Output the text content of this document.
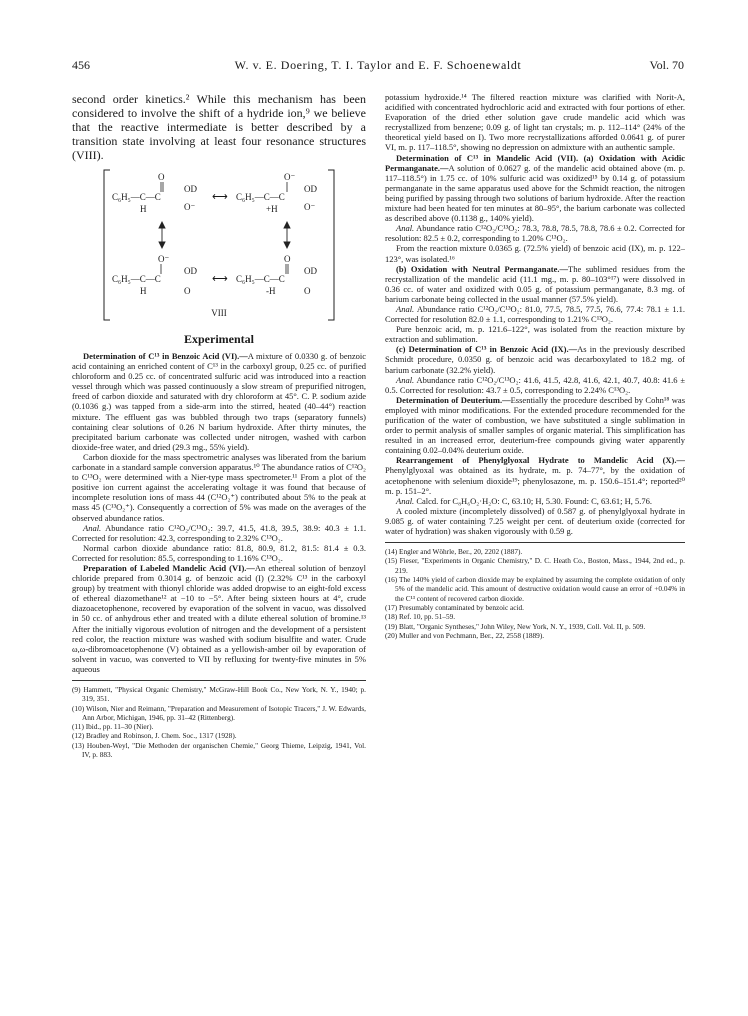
456	W. v. E. Doering, T. I. Taylor and E. F. Schoenewaldt	Vol. 70

second order kinetics.² While this mechanism has been considered to involve the shift of a hydride ion,⁹ we believe that the reactive intermediate is better described by a transition state involving at least four resonance structures (VIII).

O
C₆H₅—C—C
OD
H	O⁻
⟷
O⁻
C₆H₅—C—C
OD
+H	O⁻
O⁻
C₆H₅—C—C
OD
H	O
⟷
O
C₆H₅—C—C
OD
-H	O
VIII
Experimental

Determination of C¹³ in Benzoic Acid (VI).—A mixture of 0.0330 g. of benzoic acid containing an enriched content of C¹³ in the carboxyl group, 0.25 cc. of purified chloroform and 0.25 cc. of concentrated sulfuric acid was introduced into a reaction vessel through which was passed continuously a slow stream of prepurified nitrogen, freed of carbon dioxide and saturated with dry chloroform at 45°. C. P. sodium azide (0.1036 g.) was tapped from a side-arm into the stirred, heated (40–44°) reaction mixture. The effluent gas was bubbled through two traps (separatory funnels) containing clear solutions of 0.26 N barium hydroxide. After thirty minutes, the precipitated barium carbonate was collected under nitrogen, washed with carbon dioxide-free water, and dried (29.3 mg., 55% yield).

Carbon dioxide for the mass spectrometric analyses was liberated from the barium carbonate in a standard sample conversion apparatus.¹⁰ The abundance ratios of C¹²O₂ to C¹³O₂ were determined with a Nier-type mass spectrometer.¹¹ From a plot of the positive ion current against the accelerating voltage it was found that because of incomplete resolution ions of mass 44 (C¹²O₂⁺) contributed about 5% to the peak at mass 45 (C¹³O₂⁺). Consequently a correction of 5% was made on the averages of the observed abundance ratios.

Anal. Abundance ratio C¹²O₂/C¹³O₂: 39.7, 41.5, 41.8, 39.5, 38.9: 40.3 ± 1.1. Corrected for resolution: 42.3, corresponding to 2.32% C¹³O₂.

Normal carbon dioxide abundance ratio: 81.8, 80.9, 81.2, 81.5: 81.4 ± 0.3. Corrected for resolution: 85.5, corresponding to 1.16% C¹³O₂.

Preparation of Labeled Mandelic Acid (VI).—An ethereal solution of benzoyl chloride prepared from 0.3014 g. of benzoic acid (I) (2.32% C¹³ in the carboxyl group) by treatment with thionyl chloride was added dropwise to an eight-fold excess of ethereal diazomethane¹² at −10 to −5°. After being sixteen hours at 4°, crude diazoacetophenone, recovered by evaporation of the solvent in vacuo, was dissolved in 50 cc. of anhydrous ether and treated with a dilute ethereal solution of bromine.¹³ After the initially vigorous evolution of nitrogen and the development of a persistent red color, the reaction mixture was washed with sodium bisulfite and water. Crude ω,ω-dibromoacetophenone (V) obtained as a yellowish-amber oil by evaporation of solvent in vacuo, was converted to VII by refluxing for twenty-five minutes in 5% aqueous

(9) Hammett, "Physical Organic Chemistry," McGraw-Hill Book Co., New York, N. Y., 1940; p. 319, 351.

(10) Wilson, Nier and Reimann, "Preparation and Measurement of Isotopic Tracers," J. W. Edwards, Ann Arbor, Michigan, 1946, pp. 31–42 (Rittenberg).

(11) Ibid., pp. 11–30 (Nier).

(12) Bradley and Robinson, J. Chem. Soc., 1317 (1928).

(13) Houben-Weyl, "Die Methoden der organischen Chemie," Georg Thieme, Leipzig, 1941, Vol. IV, p. 883.

potassium hydroxide.¹⁴ The filtered reaction mixture was clarified with Norit-A, acidified with concentrated hydrochloric acid and extracted with four portions of ether. Evaporation of the dried ether solution gave crude mandelic acid which was recrystallized from benzene; 0.09 g. of light tan crystals; m. p. 112–114° (24% of the theoretical yield based on I). Two more recrystallizations afforded 0.0641 g. of purer VI, m. p. 117–118.5°, showing no depression on admixture with an authentic sample.

Determination of C¹³ in Mandelic Acid (VII). (a) Oxidation with Acidic Permanganate.—A solution of 0.0627 g. of the mandelic acid obtained above (m. p. 117–118.5°) in 1.75 cc. of 10% sulfuric acid was oxidized¹⁵ by 0.14 g. of potassium permanganate in the same apparatus used above for the Schmidt reaction, the nitrogen being purified by passing through two solutions of barium hydroxide. After the reaction mixture had been heated for ten minutes at 80–95°, the barium carbonate was collected as described above (0.1138 g., 140% yield).

Anal. Abundance ratio C¹²O₂/C¹³O₂: 78.3, 78.8, 78.5, 78.8, 78.6 ± 0.2. Corrected for resolution: 82.5 ± 0.2, corresponding to 1.20% C¹³O₂.

From the reaction mixture 0.0365 g. (72.5% yield) of benzoic acid (IX), m. p. 122–123°, was isolated.¹⁶

(b) Oxidation with Neutral Permanganate.—The sublimed residues from the recrystallization of the mandelic acid (11.1 mg., m. p. 80–103°¹⁷) were dissolved in 0.36 cc. of water and oxidized with 0.05 g. of potassium permanganate, 8.3 mg. of barium carbonate being collected in the usual manner (57.5% yield).

Anal. Abundance ratio C¹²O₂/C¹³O₂: 81.0, 77.5, 78.5, 77.5, 76.6, 77.4: 78.1 ± 1.1. Corrected for resolution 82.0 ± 1.1, corresponding to 1.21% C¹³O₂.

Pure benzoic acid, m. p. 121.6–122°, was isolated from the reaction mixture by extraction and sublimation.

(c) Determination of C¹³ in Benzoic Acid (IX).—As in the previously described Schmidt procedure, 0.0350 g. of benzoic acid was decarboxylated to 18.2 mg. of barium carbonate (32.2% yield).

Anal. Abundance ratio C¹²O₂/C¹³O₂: 41.6, 41.5, 42.8, 41.6, 42.1, 40.7, 40.8: 41.6 ± 0.5. Corrected for resolution: 43.7 ± 0.5, corresponding to 2.24% C¹³O₂.

Determination of Deuterium.—Essentially the procedure described by Cohn¹⁸ was employed with minor modifications. For the extended procedure recommended for the purification of the water of combustion, we have substituted a single sublimation in order to permit analysis of smaller samples of organic material. This simplification has resulted in an increased error, deuterium-free compounds giving water apparently containing 0.02–0.04% deuterium oxide.

Rearrangement of Phenylglyoxal Hydrate to Mandelic Acid (X).—Phenylglyoxal was obtained as its hydrate, m. p. 74–77°, by the oxidation of acetophenone with selenium dioxide¹⁹; phenylosazone, m. p. 150.6–151.4°; reported²⁰ m. p. 151–2°.

Anal. Calcd. for C₈H₆O₂·H₂O: C, 63.10; H, 5.30. Found: C, 63.61; H, 5.76.

A cooled mixture (incompletely dissolved) of 0.587 g. of phenylglyoxal hydrate in 9.085 g. of water containing 7.25 weight per cent. of deuterium oxide (corrected for water of hydration) was shaken vigorously with 0.59 g.

(14) Engler and Wöhrle, Ber., 20, 2202 (1887).

(15) Fieser, "Experiments in Organic Chemistry," D. C. Heath Co., Boston, Mass., 1944, 2nd ed., p. 219.

(16) The 140% yield of carbon dioxide may be explained by assuming the complete oxidation of only 5% of the mandelic acid. This amount of destructive oxidation would cause an error of +0.04% in the C¹³ content of recovered carbon dioxide.

(17) Presumably contaminated by benzoic acid.

(18) Ref. 10, pp. 51–59.

(19) Blatt, "Organic Syntheses," John Wiley, New York, N. Y., 1939, Coll. Vol. II, p. 509.

(20) Muller and von Pechmann, Ber., 22, 2558 (1889).
